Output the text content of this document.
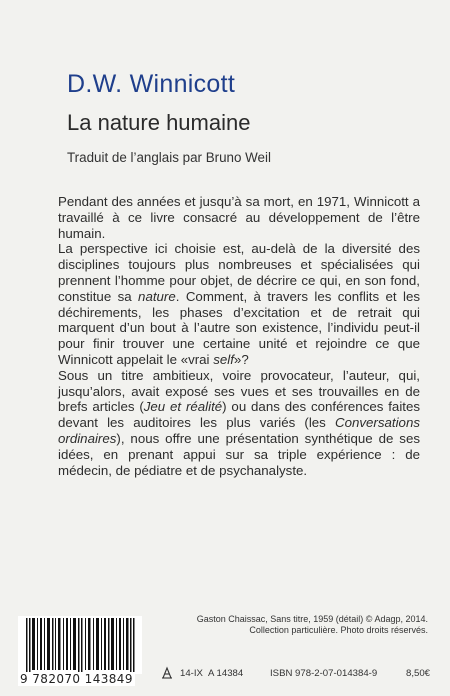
D.W. Winnicott
La nature humaine
Traduit de l’anglais par Bruno Weil

Pendant des années et jusqu’à sa mort, en 1971, Winnicott a travaillé à ce livre consacré au développement de l’être humain.

La perspective ici choisie est, au-delà de la diversité des disciplines toujours plus nombreuses et spécialisées qui prennent l’homme pour objet, de décrire ce qui, en son fond, constitue sa nature. Comment, à travers les conflits et les déchirements, les phases d’excitation et de retrait qui marquent d’un bout à l’autre son existence, l’individu peut-il pour finir trouver une certaine unité et rejoindre ce que Winnicott appelait le «vrai self»?

Sous un titre ambitieux, voire provocateur, l’auteur, qui, jusqu’alors, avait exposé ses vues et ses trouvailles en de brefs articles (Jeu et réalité) ou dans des conférences faites devant les auditoires les plus variés (les Conversations ordinaires), nous offre une présentation synthétique de ses idées, en prenant appui sur sa triple expérience : de médecin, de pédiatre et de psychanalyste.

Gaston Chaissac, Sans titre, 1959 (détail) © Adagp, 2014.
Collection particulière. Photo droits réservés.
9 782070 143849	14-IX A 14384	ISBN 978-2-07-014384-9	8,50€
